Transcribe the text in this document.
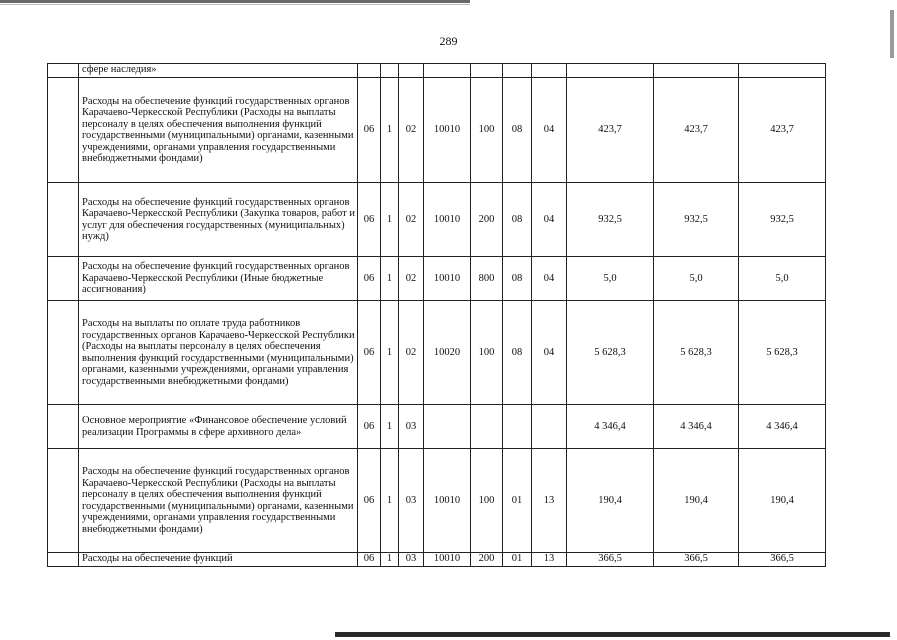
289
	сфере наследия»										
	Расходы на обеспечение функций государственных органов Карачаево-Черкесской Республики (Расходы на выплаты персоналу в целях обеспечения выполнения функций государственными (муниципальными) органами, казенными учреждениями, органами управления государственными внебюджетными фондами)	06	1	02	10010	100	08	04	423,7	423,7	423,7
	Расходы на обеспечение функций государственных органов Карачаево-Черкесской Республики (Закупка товаров, работ и услуг для обеспечения государственных (муниципальных) нужд)	06	1	02	10010	200	08	04	932,5	932,5	932,5
	Расходы на обеспечение функций государственных органов Карачаево-Черкесской Республики (Иные бюджетные ассигнования)	06	1	02	10010	800	08	04	5,0	5,0	5,0
	Расходы на выплаты по оплате труда работников государственных органов Карачаево-Черкесской Республики (Расходы на выплаты персоналу в целях обеспечения выполнения функций государственными (муниципальными) органами, казенными учреждениями, органами управления государственными внебюджетными фондами)	06	1	02	10020	100	08	04	5 628,3	5 628,3	5 628,3
	Основное мероприятие «Финансовое обеспечение условий реализации Программы в сфере архивного дела»	06	1	03					4 346,4	4 346,4	4 346,4
	Расходы на обеспечение функций государственных органов Карачаево-Черкесской Республики (Расходы на выплаты персоналу в целях обеспечения выполнения функций государственными (муниципальными) органами, казенными учреждениями, органами управления государственными внебюджетными фондами)	06	1	03	10010	100	01	13	190,4	190,4	190,4
	Расходы на обеспечение функций	06	1	03	10010	200	01	13	366,5	366,5	366,5
